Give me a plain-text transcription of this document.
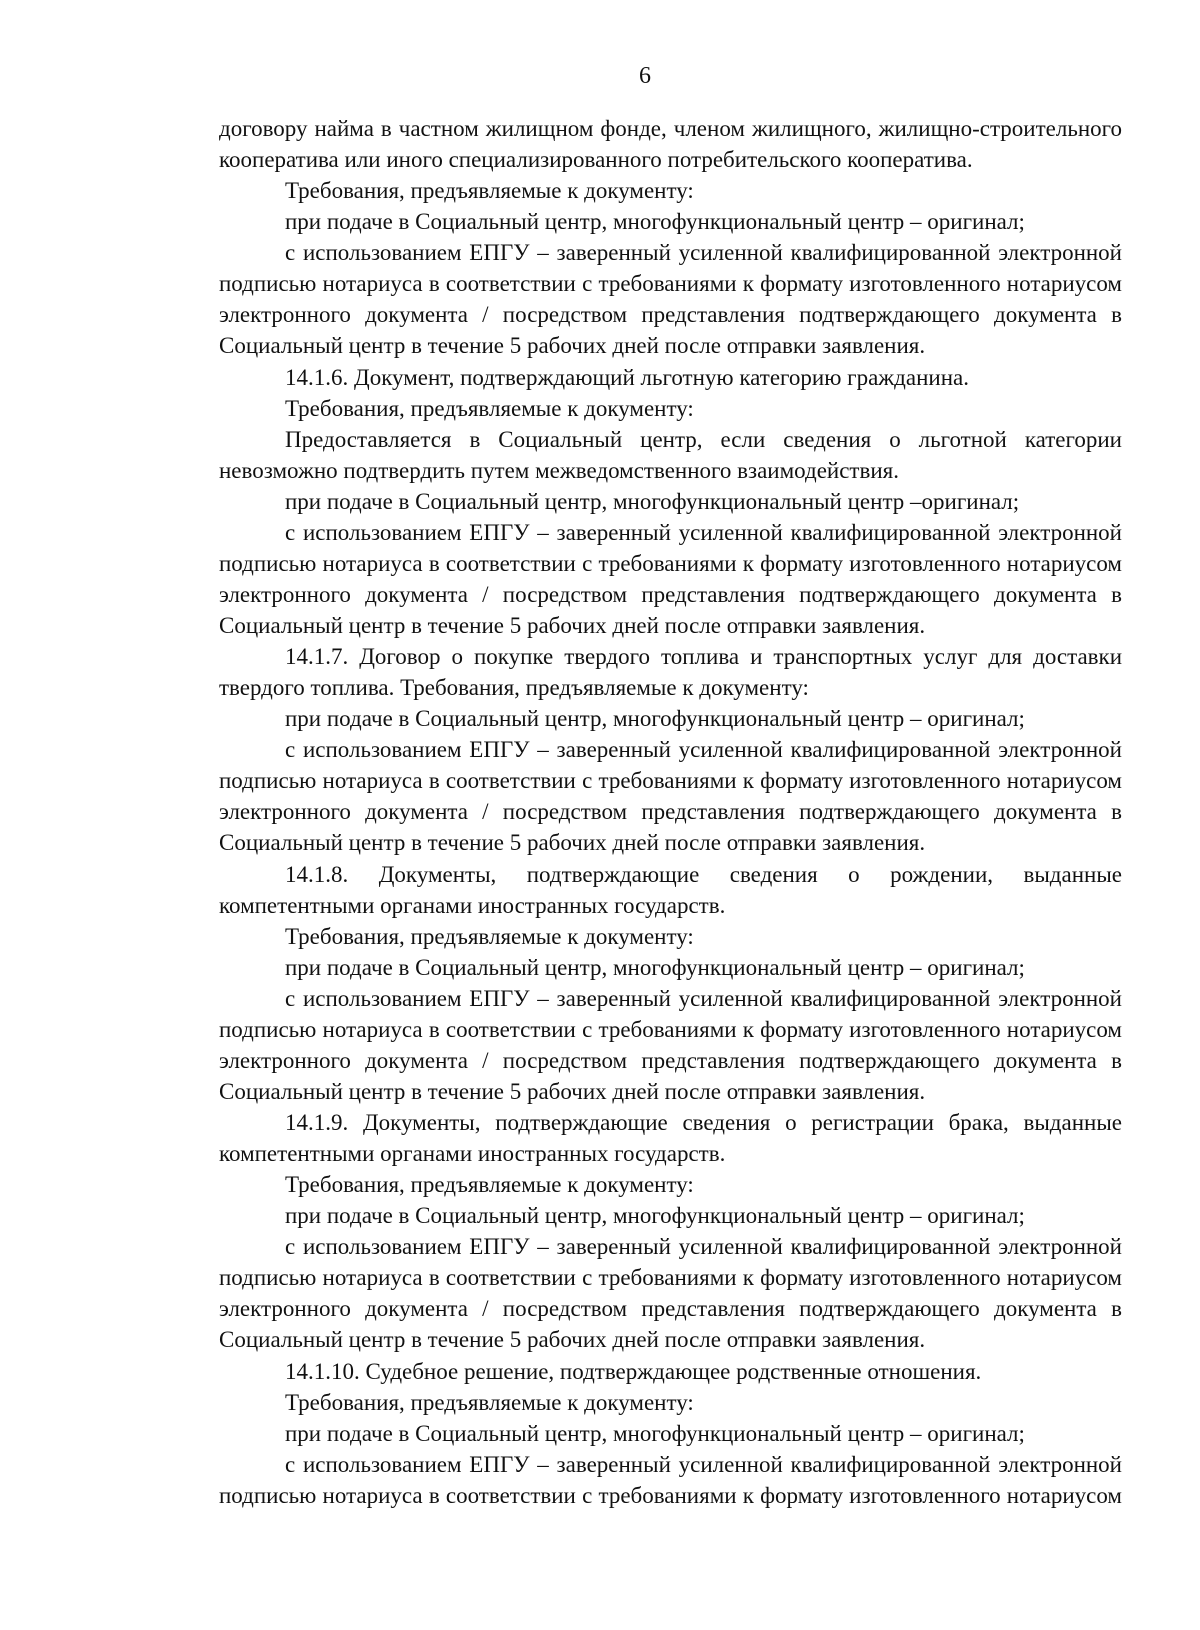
6
договору найма в частном жилищном фонде, членом жилищного, жилищно-строительного
кооператива или иного специализированного потребительского кооператива.
Требования, предъявляемые к документу:
при подаче в Социальный центр, многофункциональный центр – оригинал;
с использованием ЕПГУ – заверенный усиленной квалифицированной электронной
подписью нотариуса в соответствии с требованиями к формату изготовленного нотариусом
электронного документа / посредством представления подтверждающего документа в
Социальный центр в течение 5 рабочих дней после отправки заявления.
14.1.6. Документ, подтверждающий льготную категорию гражданина.
Требования, предъявляемые к документу:
Предоставляется в Социальный центр, если сведения о льготной категории
невозможно подтвердить путем межведомственного взаимодействия.
при подаче в Социальный центр, многофункциональный центр –оригинал;
с использованием ЕПГУ – заверенный усиленной квалифицированной электронной
подписью нотариуса в соответствии с требованиями к формату изготовленного нотариусом
электронного документа / посредством представления подтверждающего документа в
Социальный центр в течение 5 рабочих дней после отправки заявления.
14.1.7. Договор о покупке твердого топлива и транспортных услуг для доставки
твердого топлива. Требования, предъявляемые к документу:
при подаче в Социальный центр, многофункциональный центр – оригинал;
с использованием ЕПГУ – заверенный усиленной квалифицированной электронной
подписью нотариуса в соответствии с требованиями к формату изготовленного нотариусом
электронного документа / посредством представления подтверждающего документа в
Социальный центр в течение 5 рабочих дней после отправки заявления.
14.1.8. Документы, подтверждающие сведения о рождении, выданные
компетентными органами иностранных государств.
Требования, предъявляемые к документу:
при подаче в Социальный центр, многофункциональный центр – оригинал;
с использованием ЕПГУ – заверенный усиленной квалифицированной электронной
подписью нотариуса в соответствии с требованиями к формату изготовленного нотариусом
электронного документа / посредством представления подтверждающего документа в
Социальный центр в течение 5 рабочих дней после отправки заявления.
14.1.9. Документы, подтверждающие сведения о регистрации брака, выданные
компетентными органами иностранных государств.
Требования, предъявляемые к документу:
при подаче в Социальный центр, многофункциональный центр – оригинал;
с использованием ЕПГУ – заверенный усиленной квалифицированной электронной
подписью нотариуса в соответствии с требованиями к формату изготовленного нотариусом
электронного документа / посредством представления подтверждающего документа в
Социальный центр в течение 5 рабочих дней после отправки заявления.
14.1.10. Судебное решение, подтверждающее родственные отношения.
Требования, предъявляемые к документу:
при подаче в Социальный центр, многофункциональный центр – оригинал;
с использованием ЕПГУ – заверенный усиленной квалифицированной электронной
подписью нотариуса в соответствии с требованиями к формату изготовленного нотариусом
